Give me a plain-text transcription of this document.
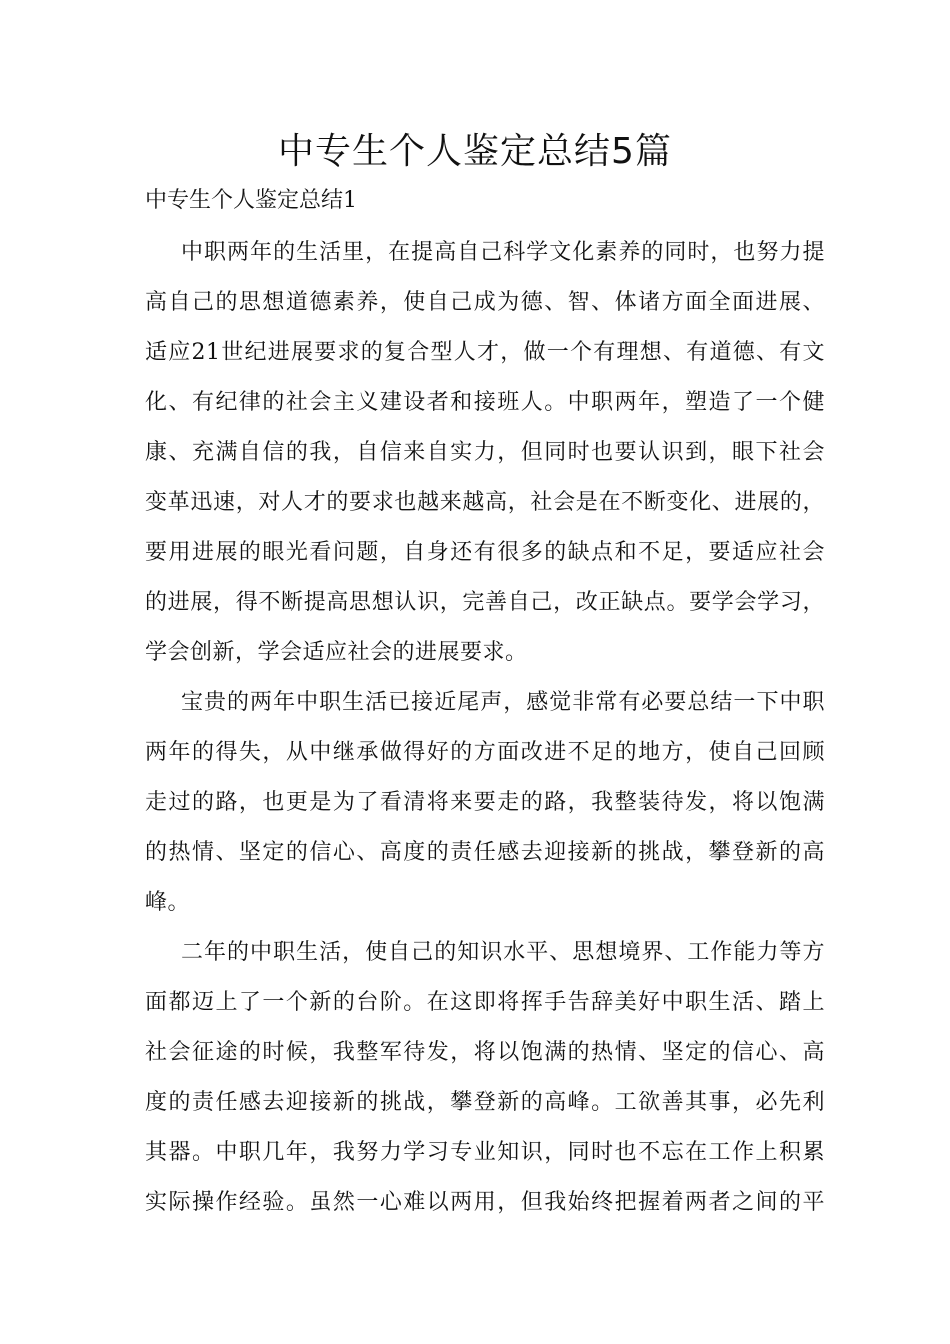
中专生个人鉴定总结5篇
中专生个人鉴定总结1

中职两年的生活里，在提高自己科学文化素养的同时，也努力提
高自己的思想道德素养，使自己成为德、智、体诸方面全面进展、
适应21世纪进展要求的复合型人才，做一个有理想、有道德、有文
化、有纪律的社会主义建设者和接班人。中职两年，塑造了一个健
康、充满自信的我，自信来自实力，但同时也要认识到，眼下社会
变革迅速，对人才的要求也越来越高，社会是在不断变化、进展的，
要用进展的眼光看问题，自身还有很多的缺点和不足，要适应社会
的进展，得不断提高思想认识，完善自己，改正缺点。要学会学习，
学会创新，学会适应社会的进展要求。

宝贵的两年中职生活已接近尾声，感觉非常有必要总结一下中职
两年的得失，从中继承做得好的方面改进不足的地方，使自己回顾
走过的路，也更是为了看清将来要走的路，我整装待发，将以饱满
的热情、坚定的信心、高度的责任感去迎接新的挑战，攀登新的高
峰。

二年的中职生活，使自己的知识水平、思想境界、工作能力等方
面都迈上了一个新的台阶。在这即将挥手告辞美好中职生活、踏上
社会征途的时候，我整军待发，将以饱满的热情、坚定的信心、高
度的责任感去迎接新的挑战，攀登新的高峰。工欲善其事，必先利
其器。中职几年，我努力学习专业知识，同时也不忘在工作上积累
实际操作经验。虽然一心难以两用，但我始终把握着两者之间的平
